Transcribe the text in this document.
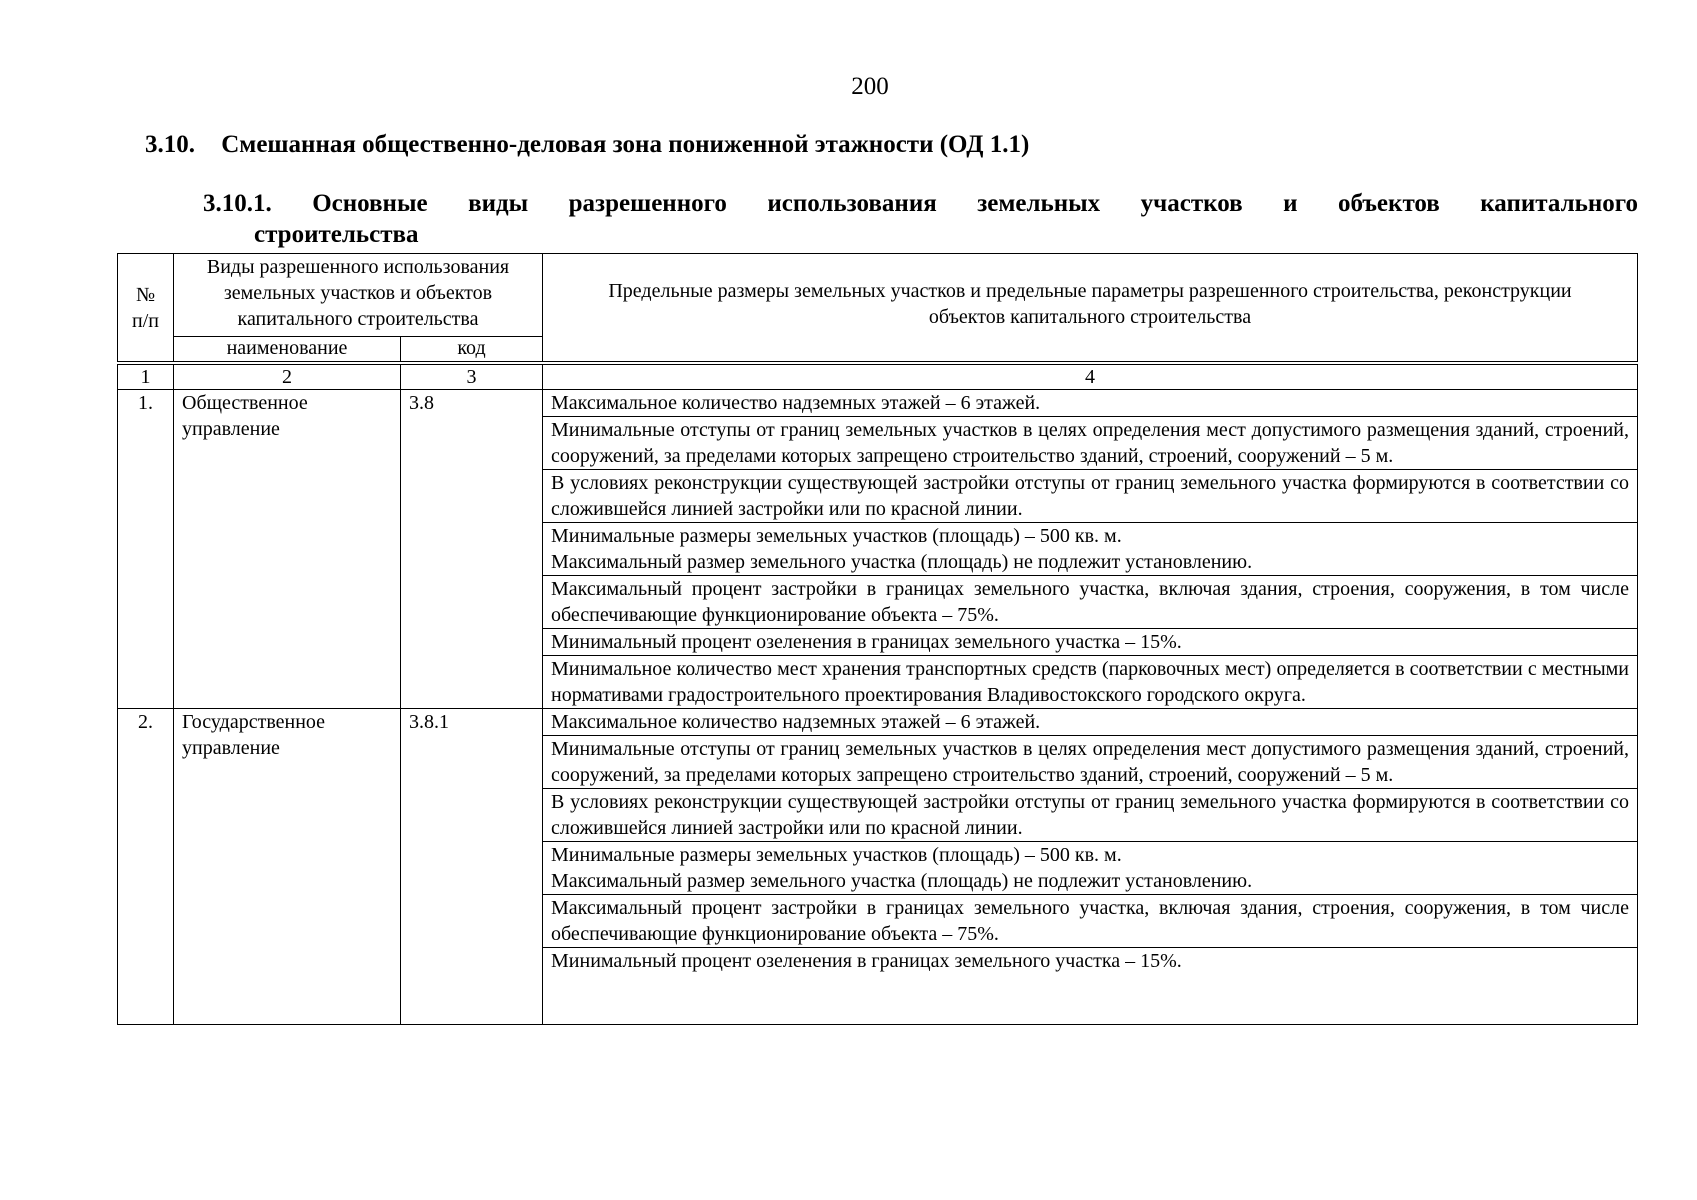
200
3.10. Смешанная общественно-деловая зона пониженной этажности (ОД 1.1)
3.10.1. Основные виды разрешенного использования земельных участков и объектов капитального
строительства
№ п/п	Виды разрешенного использования земельных участков и объектов капитального строительства		Предельные размеры земельных участков и предельные параметры разрешенного строительства, реконструкции объектов капитального строительства
	наименование	код	
1	2	3	4
1.	Общественное управление	3.8	Максимальное количество надземных этажей – 6 этажей.
			Минимальные отступы от границ земельных участков в целях определения мест допустимого размещения зданий, строений, сооружений, за пределами которых запрещено строительство зданий, строений, сооружений – 5 м.
			В условиях реконструкции существующей застройки отступы от границ земельного участка формируются в соответствии со сложившейся линией застройки или по красной линии.

			Минимальные размеры земельных участков (площадь) – 500 кв. м.
Максимальный размер земельного участка (площадь) не подлежит установлению.

			Максимальный процент застройки в границах земельного участка, включая здания, строения, сооружения, в том числе обеспечивающие функционирование объекта – 75%.
			Минимальный процент озеленения в границах земельного участка – 15%.
			Минимальное количество мест хранения транспортных средств (парковочных мест) определяется в соответствии с местными нормативами градостроительного проектирования Владивостокского городского округа.
2.	Государственное управление	3.8.1	Максимальное количество надземных этажей – 6 этажей.
			Минимальные отступы от границ земельных участков в целях определения мест допустимого размещения зданий, строений, сооружений, за пределами которых запрещено строительство зданий, строений, сооружений – 5 м.
			В условиях реконструкции существующей застройки отступы от границ земельного участка формируются в соответствии со сложившейся линией застройки или по красной линии.

			Минимальные размеры земельных участков (площадь) – 500 кв. м.
Максимальный размер земельного участка (площадь) не подлежит установлению.

			Максимальный процент застройки в границах земельного участка, включая здания, строения, сооружения, в том числе обеспечивающие функционирование объекта – 75%.
			Минимальный процент озеленения в границах земельного участка – 15%.
